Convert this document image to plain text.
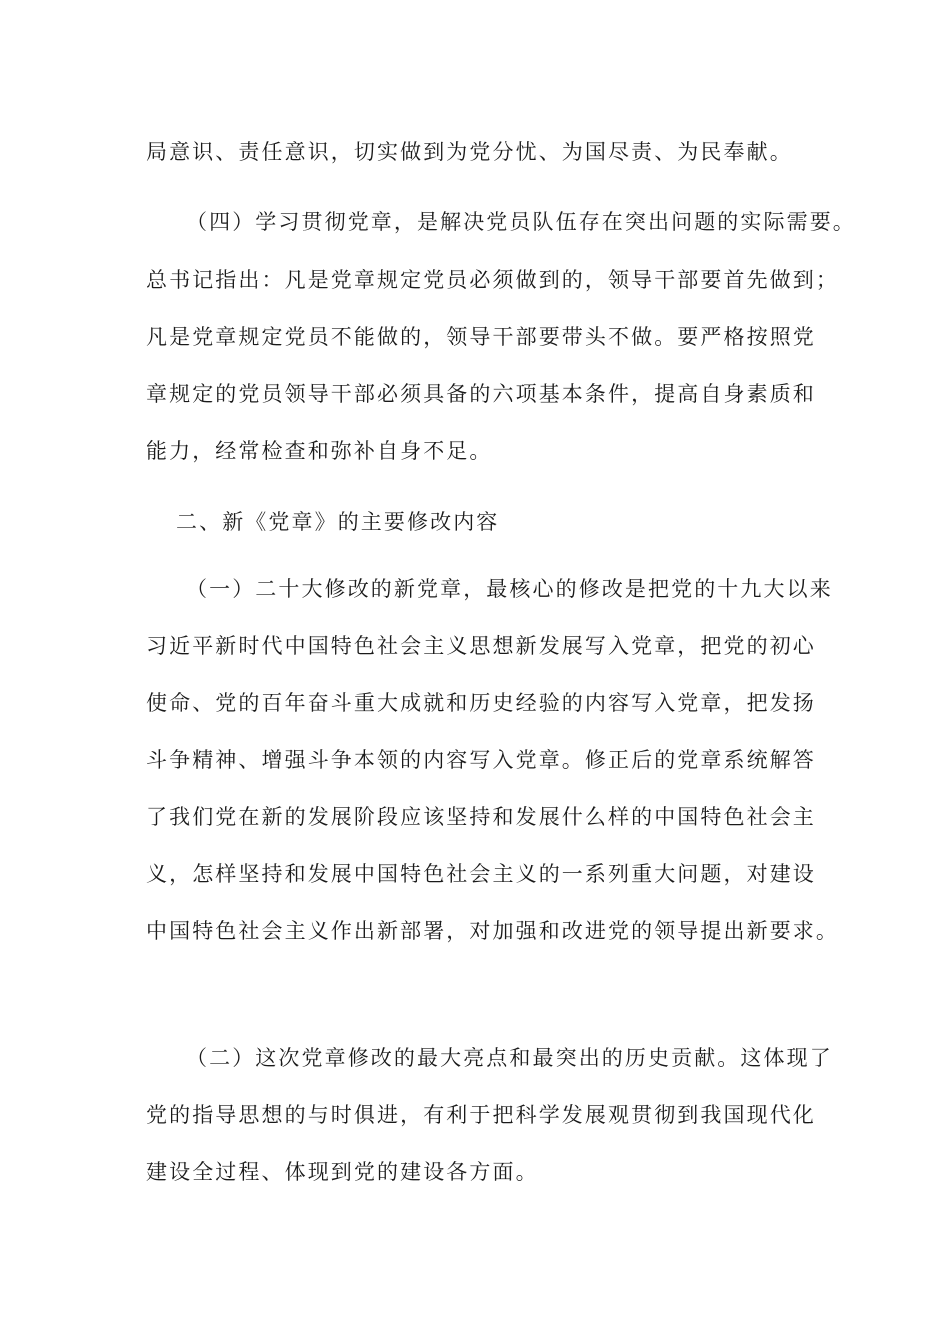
局意识、责任意识，切实做到为党分忧、为国尽责、为民奉献。
（四）学习贯彻党章，是解决党员队伍存在突出问题的实际需要。
总书记指出：凡是党章规定党员必须做到的，领导干部要首先做到；
凡是党章规定党员不能做的，领导干部要带头不做。要严格按照党
章规定的党员领导干部必须具备的六项基本条件，提高自身素质和
能力，经常检查和弥补自身不足。
二、新《党章》的主要修改内容
（一）二十大修改的新党章，最核心的修改是把党的十九大以来
习近平新时代中国特色社会主义思想新发展写入党章，把党的初心
使命、党的百年奋斗重大成就和历史经验的内容写入党章，把发扬
斗争精神、增强斗争本领的内容写入党章。修正后的党章系统解答
了我们党在新的发展阶段应该坚持和发展什么样的中国特色社会主
义，怎样坚持和发展中国特色社会主义的一系列重大问题，对建设
中国特色社会主义作出新部署，对加强和改进党的领导提出新要求。
（二）这次党章修改的最大亮点和最突出的历史贡献。这体现了
党的指导思想的与时俱进，有利于把科学发展观贯彻到我国现代化
建设全过程、体现到党的建设各方面。
